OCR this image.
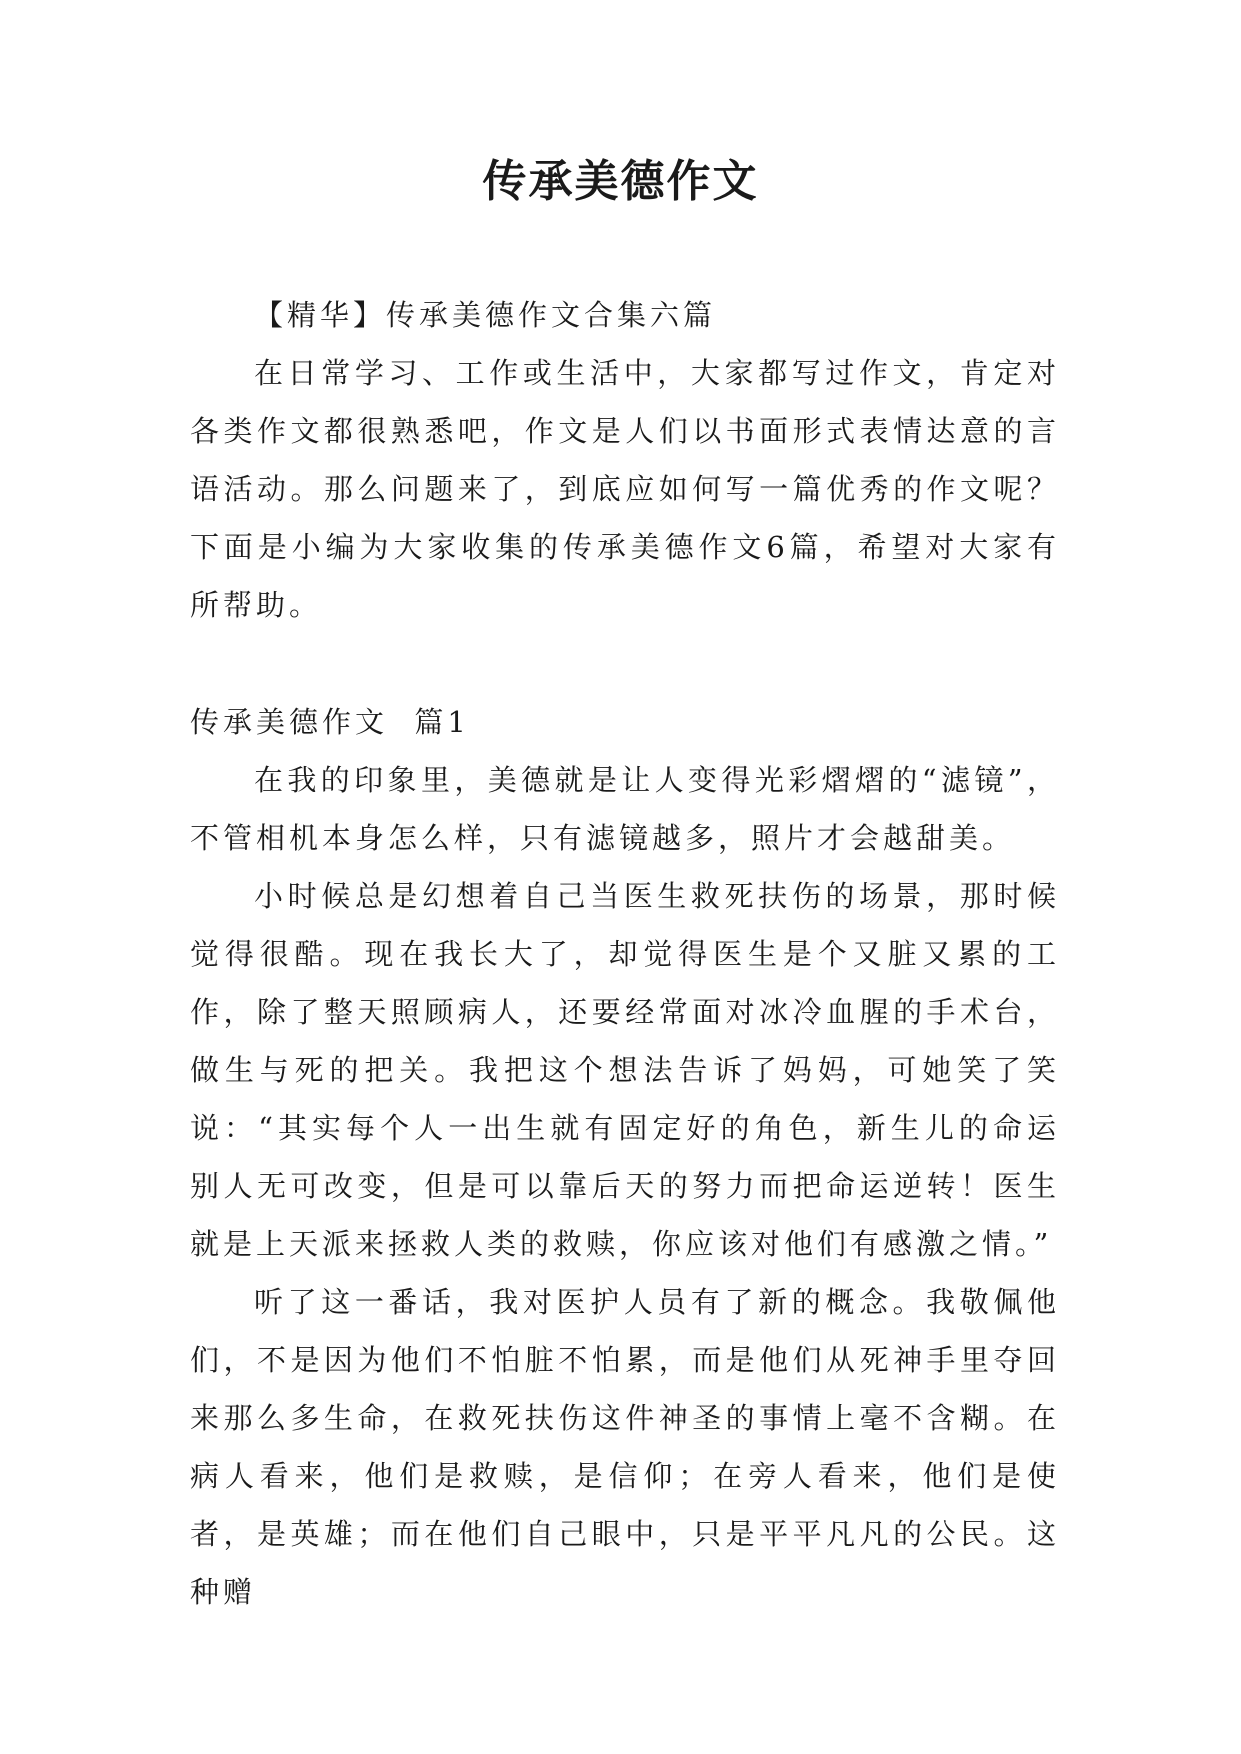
传承美德作文

【精华】传承美德作文合集六篇

在日常学习、工作或生活中，大家都写过作文，肯定对各类作文都很熟悉吧，作文是人们以书面形式表情达意的言语活动。那么问题来了，到底应如何写一篇优秀的作文呢？下面是小编为大家收集的传承美德作文6篇，希望对大家有所帮助。

传承美德作文  篇1

在我的印象里，美德就是让人变得光彩熠熠的“滤镜”，不管相机本身怎么样，只有滤镜越多，照片才会越甜美。

小时候总是幻想着自己当医生救死扶伤的场景，那时候觉得很酷。现在我长大了，却觉得医生是个又脏又累的工作，除了整天照顾病人，还要经常面对冰冷血腥的手术台，做生与死的把关。我把这个想法告诉了妈妈，可她笑了笑说：“其实每个人一出生就有固定好的角色，新生儿的命运别人无可改变，但是可以靠后天的努力而把命运逆转！医生就是上天派来拯救人类的救赎，你应该对他们有感激之情。”

听了这一番话，我对医护人员有了新的概念。我敬佩他们，不是因为他们不怕脏不怕累，而是他们从死神手里夺回来那么多生命，在救死扶伤这件神圣的事情上毫不含糊。在病人看来，他们是救赎，是信仰；在旁人看来，他们是使者，是英雄；而在他们自己眼中，只是平平凡凡的公民。这种赠
